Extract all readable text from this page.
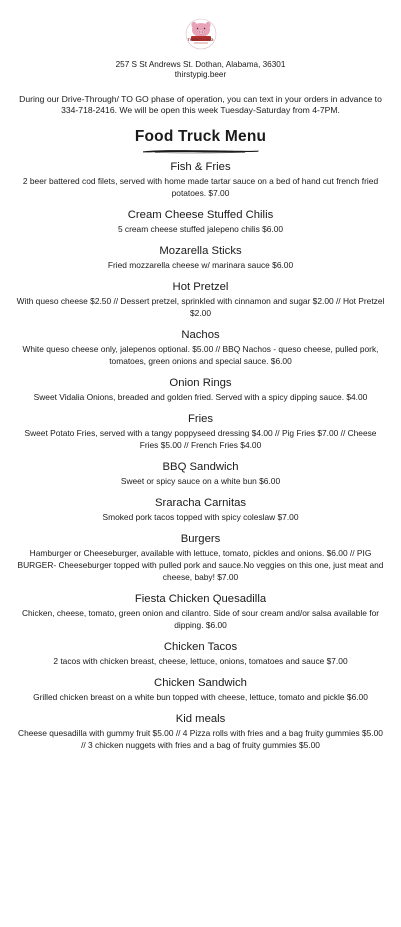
THIRSTY PIG
257 S St Andrews St. Dothan, Alabama, 36301
thirstypig.beer
During our Drive-Through/ TO GO phase of operation, you can text in your orders in advance to 334-718-2416. We will be open this week Tuesday-Saturday from 4-7PM.
Food Truck Menu
Fish & Fries
2 beer battered cod filets, served with home made tartar sauce on a bed of hand cut french fried potatoes. $7.00
Cream Cheese Stuffed Chilis
5 cream cheese stuffed jalepeno chilis $6.00
Mozarella Sticks
Fried mozzarella cheese w/ marinara sauce $6.00
Hot Pretzel
With queso cheese $2.50 // Dessert pretzel, sprinkled with cinnamon and sugar $2.00 // Hot Pretzel $2.00
Nachos
White queso cheese only, jalepenos optional. $5.00 // BBQ Nachos - queso cheese, pulled pork, tomatoes, green onions and special sauce. $6.00
Onion Rings
Sweet Vidalia Onions, breaded and golden fried. Served with a spicy dipping sauce. $4.00
Fries
Sweet Potato Fries, served with a tangy poppyseed dressing $4.00 // Pig Fries $7.00 // Cheese Fries $5.00 // French Fries $4.00
BBQ Sandwich
Sweet or spicy sauce on a white bun $6.00
Sraracha Carnitas
Smoked pork tacos topped with spicy coleslaw $7.00
Burgers
Hamburger or Cheeseburger, available with lettuce, tomato, pickles and onions. $6.00 // PIG BURGER- Cheeseburger topped with pulled pork and sauce.No veggies on this one, just meat and cheese, baby! $7.00
Fiesta Chicken Quesadilla
Chicken, cheese, tomato, green onion and cilantro. Side of sour cream and/or salsa available for dipping. $6.00
Chicken Tacos
2 tacos with chicken breast, cheese, lettuce, onions, tomatoes and sauce $7.00
Chicken Sandwich
Grilled chicken breast on a white bun topped with cheese, lettuce, tomato and pickle $6.00
Kid meals
Cheese quesadilla with gummy fruit $5.00 // 4 Pizza rolls with fries and a bag fruity gummies $5.00 // 3 chicken nuggets with fries and a bag of fruity gummies $5.00
